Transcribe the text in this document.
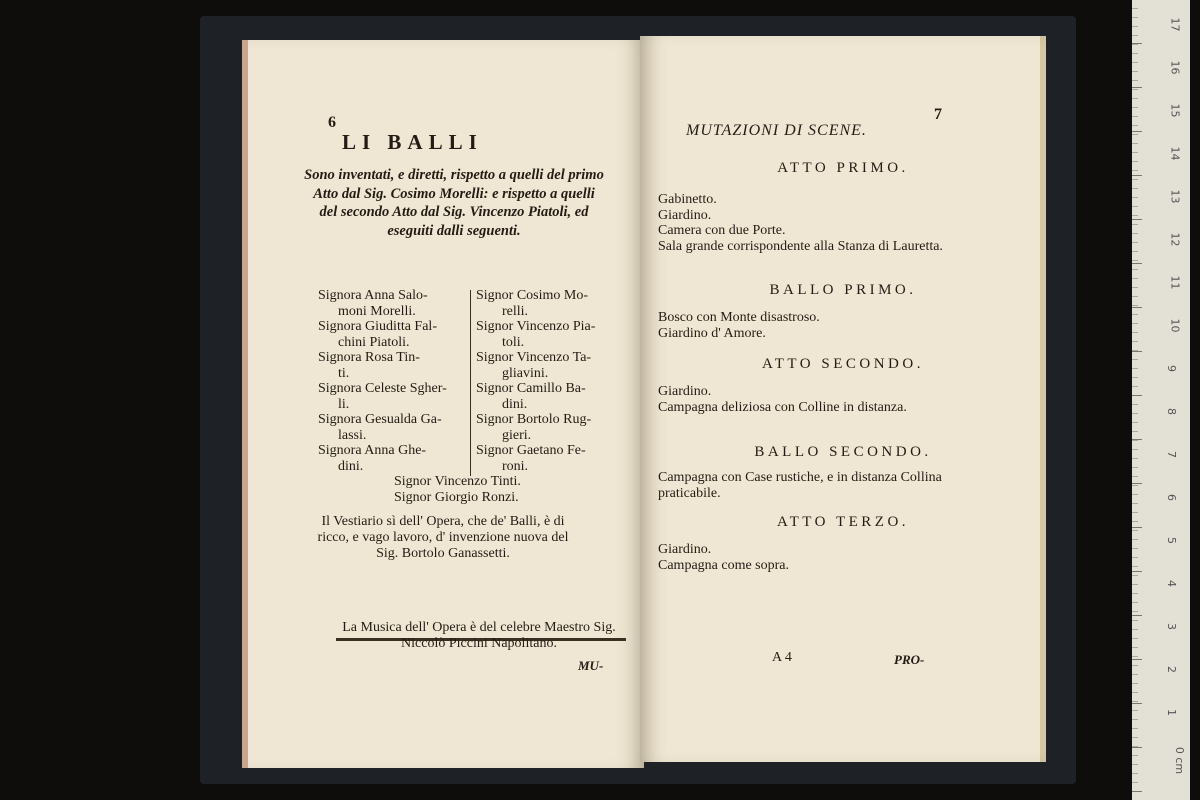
6
LI BALLI
Sono inventati, e diretti, rispetto a quelli del primo Atto dal Sig. Cosimo Morelli: e rispetto a quelli del secondo Atto dal Sig. Vincenzo Piatoli, ed eseguiti dalli seguenti.
Signora Anna Salo-
moni Morelli.
Signora Giuditta Fal-
chini Piatoli.
Signora Rosa Tin-
ti.
Signora Celeste Sgher-
li.
Signora Gesualda Ga-
lassi.
Signora Anna Ghe-
dini.
Signor Cosimo Mo-
relli.
Signor Vincenzo Pia-
toli.
Signor Vincenzo Ta-
gliavini.
Signor Camillo Ba-
dini.
Signor Bortolo Rug-
gieri.
Signor Gaetano Fe-
roni.
Signor Vincenzo Tinti.
Signor Giorgio Ronzi.
Il Vestiario sì dell' Opera, che de' Balli, è di ricco, e vago lavoro, d' invenzione nuova del Sig. Bortolo Ganassetti.
La Musica dell' Opera è del celebre Maestro Sig. Niccolò Piccini Napolitano.
MU-
7
MUTAZIONI DI SCENE.
ATTO PRIMO.
Gabinetto.
Giardino.
Camera con due Porte.
Sala grande corrispondente alla Stanza di Lauretta.
BALLO PRIMO.
Bosco con Monte disastroso.
Giardino d' Amore.
ATTO SECONDO.
Giardino.
Campagna deliziosa con Colline in distanza.
BALLO SECONDO.
Campagna con Case rustiche, e in distanza Collina praticabile.
ATTO TERZO.
Giardino.
Campagna come sopra.
A 4	PRO-
17
16
15
14
13
12
11
10
9
8
7
6
5
4
3
2
1
0 cm
